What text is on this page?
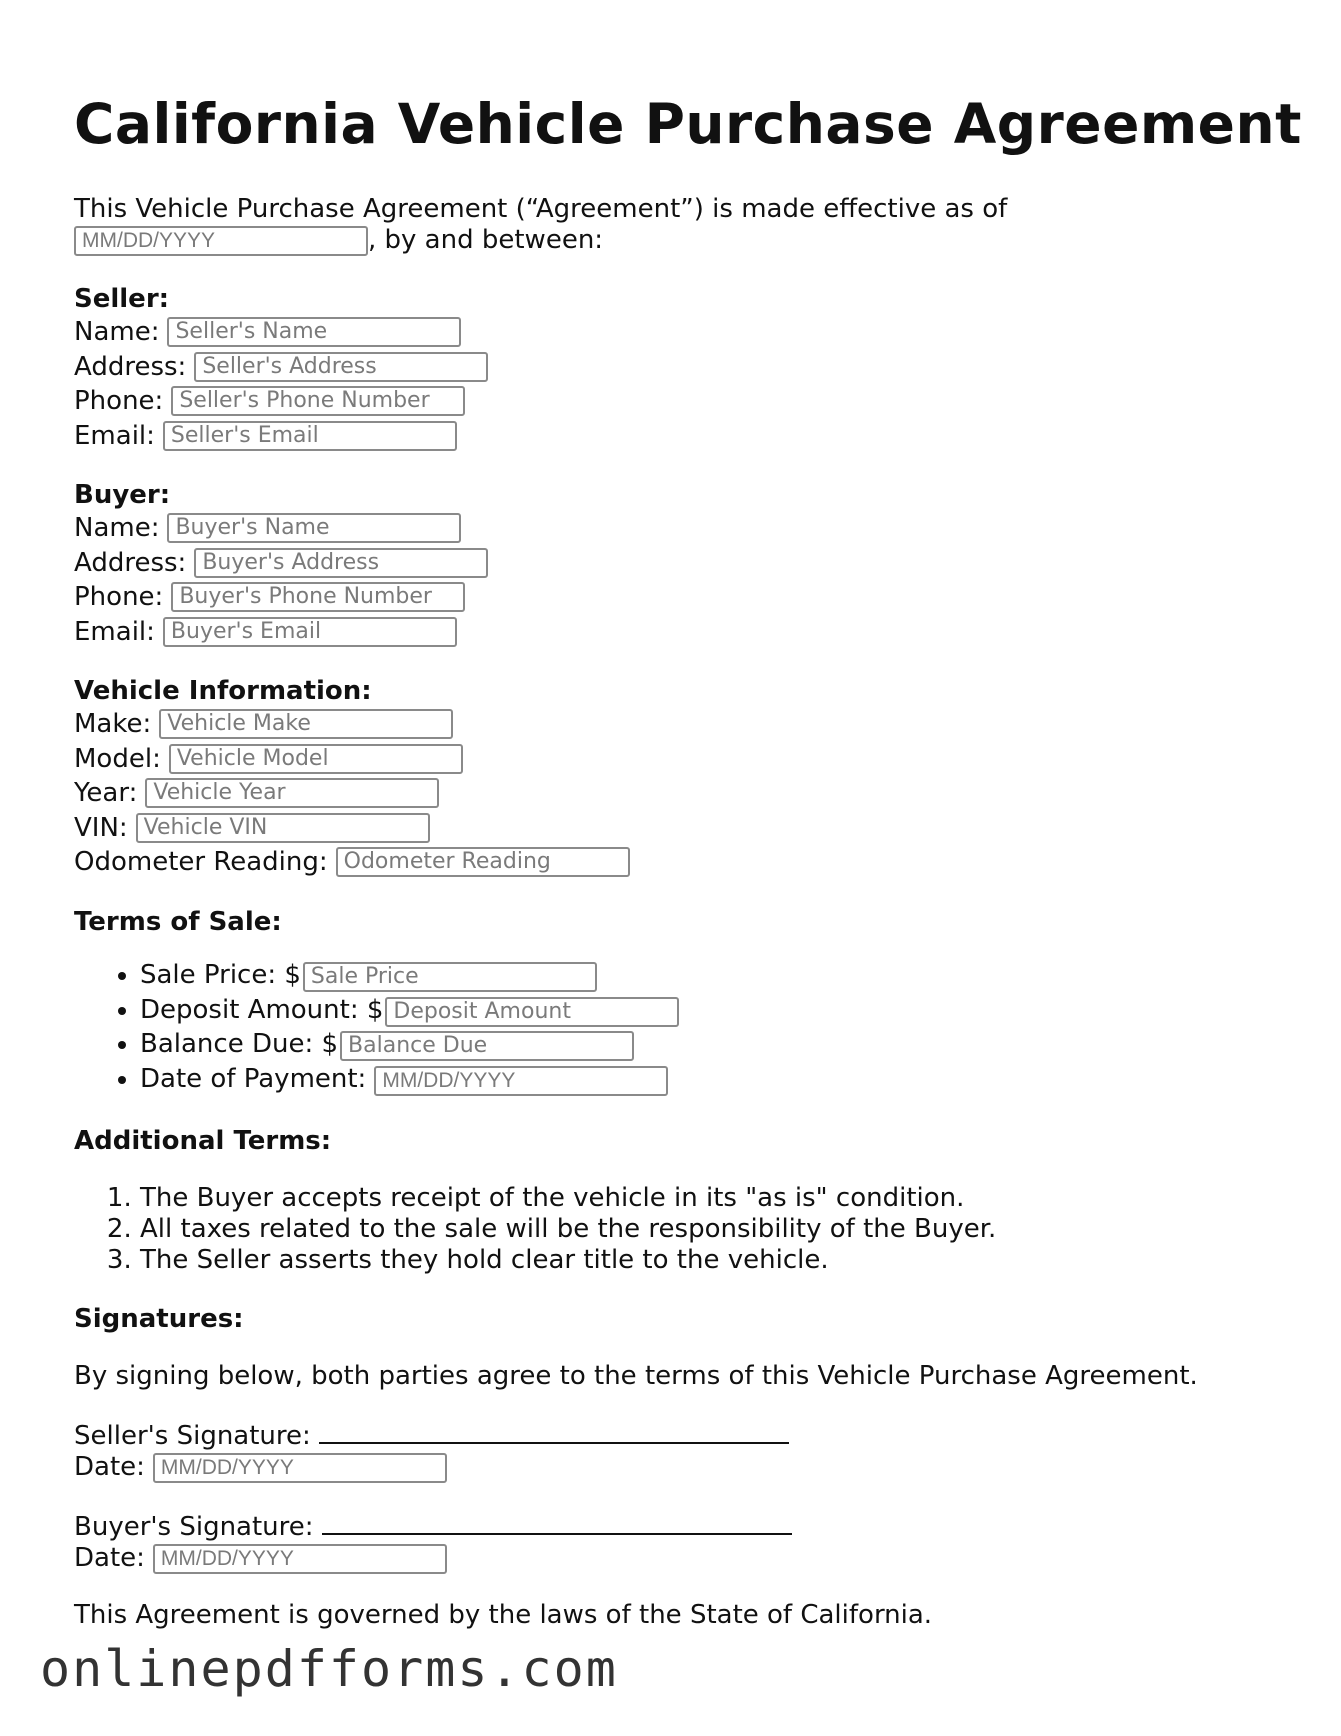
California Vehicle Purchase Agreement
This Vehicle Purchase Agreement (“Agreement”) is made effective as of
MM/DD/YYYY	, by and between:
Seller:
Name: Seller's Name
Address: Seller's Address
Phone: Seller's Phone Number
Email: Seller's Email
Buyer:
Name: Buyer's Name
Address: Buyer's Address
Phone: Buyer's Phone Number
Email: Buyer's Email
Vehicle Information:
Make: Vehicle Make
Model: Vehicle Model
Year: Vehicle Year
VIN: Vehicle VIN
Odometer Reading: Odometer Reading
Terms of Sale:
• Sale Price: $ Sale Price
• Deposit Amount: $ Deposit Amount
• Balance Due: $ Balance Due
• Date of Payment: MM/DD/YYYY
Additional Terms:
1. The Buyer accepts receipt of the vehicle in its "as is" condition.
2. All taxes related to the sale will be the responsibility of the Buyer.
3. The Seller asserts they hold clear title to the vehicle.
Signatures:
By signing below, both parties agree to the terms of this Vehicle Purchase Agreement.
Seller's Signature:
Date: MM/DD/YYYY
Buyer's Signature:
Date: MM/DD/YYYY
This Agreement is governed by the laws of the State of California.
onlinepdfforms.com
